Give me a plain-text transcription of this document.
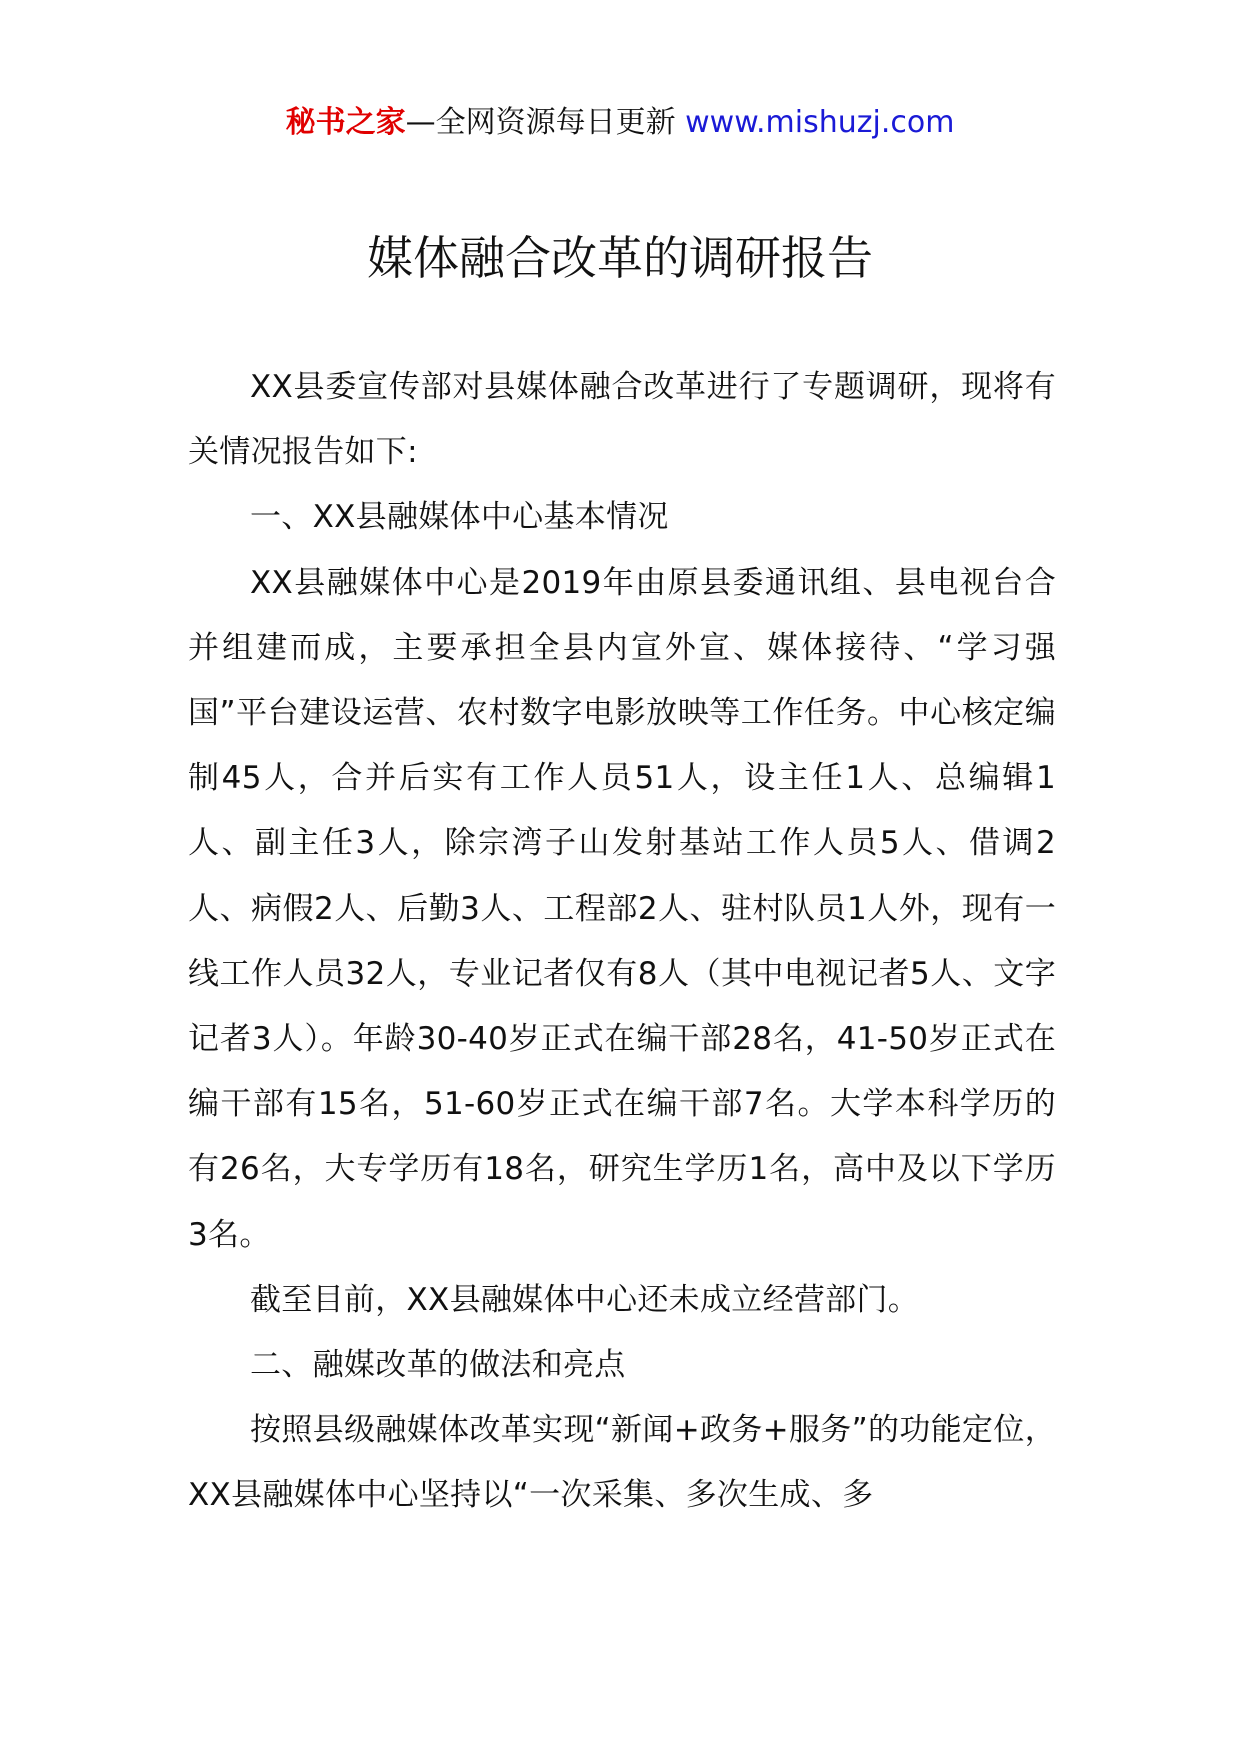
秘书之家—全网资源每日更新 www.mishuzj.com
媒体融合改革的调研报告

XX县委宣传部对县媒体融合改革进行了专题调研，现将有关情况报告如下:

一、XX县融媒体中心基本情况

XX县融媒体中心是2019年由原县委通讯组、县电视台合并组建而成，主要承担全县内宣外宣、媒体接待、“学习强国”平台建设运营、农村数字电影放映等工作任务。中心核定编制45人，合并后实有工作人员51人，设主任1人、总编辑1人、副主任3人，除宗湾子山发射基站工作人员5人、借调2人、病假2人、后勤3人、工程部2人、驻村队员1人外，现有一线工作人员32人，专业记者仅有8人（其中电视记者5人、文字记者3人）。年龄30-40岁正式在编干部28名，41-50岁正式在编干部有15名，51-60岁正式在编干部7名。大学本科学历的有26名，大专学历有18名，研究生学历1名，高中及以下学历3名。

截至目前，XX县融媒体中心还未成立经营部门。

二、融媒改革的做法和亮点

按照县级融媒体改革实现“新闻+政务+服务”的功能定位，XX县融媒体中心坚持以“一次采集、多次生成、多
